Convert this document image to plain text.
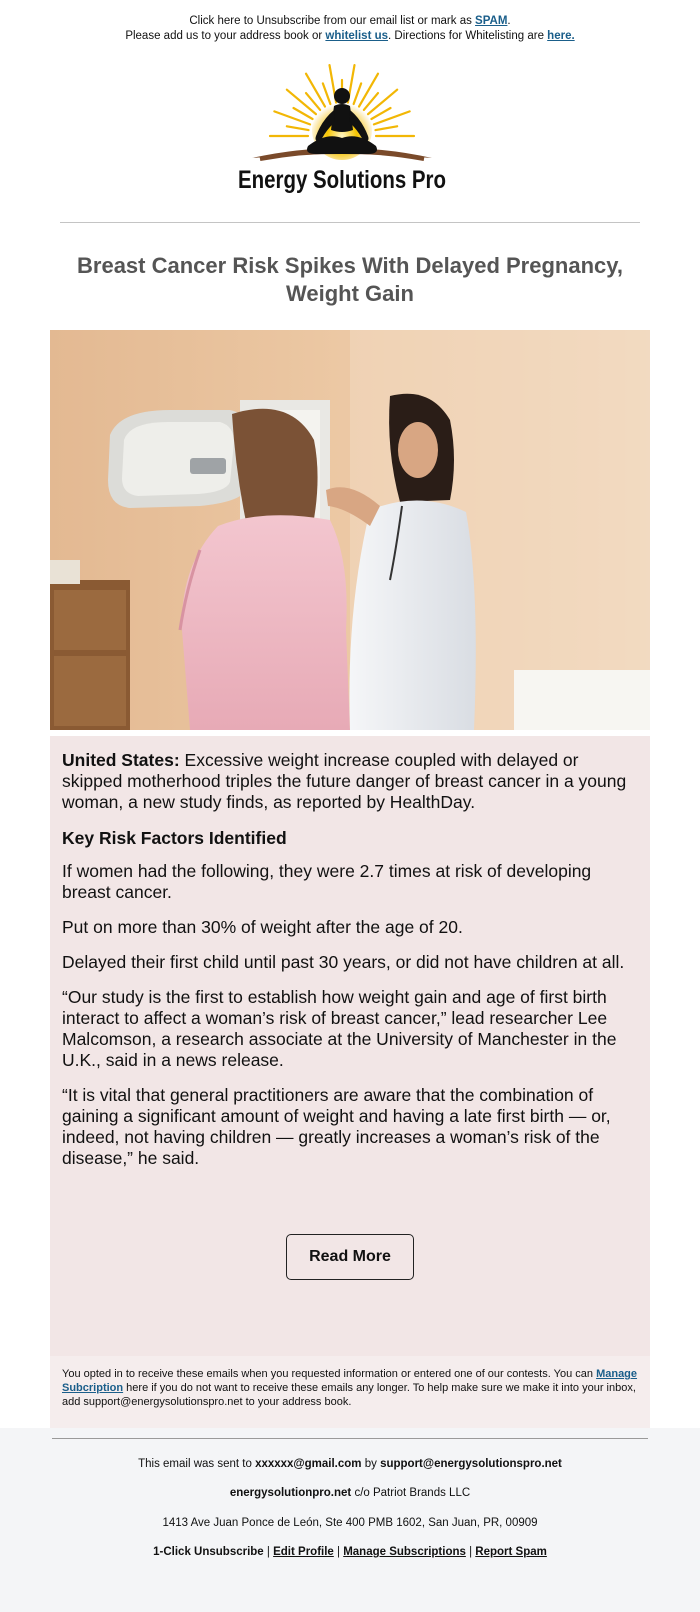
Click here to Unsubscribe from our email list or mark as SPAM.
Please add us to your address book or whitelist us. Directions for Whitelisting are here.
Energy Solutions Pro
Breast Cancer Risk Spikes With Delayed Pregnancy, Weight Gain

United States: Excessive weight increase coupled with delayed or skipped motherhood triples the future danger of breast cancer in a young woman, a new study finds, as reported by HealthDay.

Key Risk Factors Identified

If women had the following, they were 2.7 times at risk of developing breast cancer.

Put on more than 30% of weight after the age of 20.

Delayed their first child until past 30 years, or did not have children at all.

“Our study is the first to establish how weight gain and age of first birth interact to affect a woman’s risk of breast cancer,” lead researcher Lee Malcomson, a research associate at the University of Manchester in the U.K., said in a news release.

“It is vital that general practitioners are aware that the combination of gaining a significant amount of weight and having a late first birth — or, indeed, not having children — greatly increases a woman’s risk of the disease,” he said.

Read More
You opted in to receive these emails when you requested information or entered one of our contests. You can Manage Subcription here if you do not want to receive these emails any longer. To help make sure we make it into your inbox, add support@energysolutionspro.net to your address book.
This email was sent to xxxxxx@gmail.com by support@energysolutionspro.net
energysolutionpro.net c/o Patriot Brands LLC
1413 Ave Juan Ponce de León, Ste 400 PMB 1602, San Juan, PR, 00909
1-Click Unsubscribe | Edit Profile | Manage Subscriptions | Report Spam
